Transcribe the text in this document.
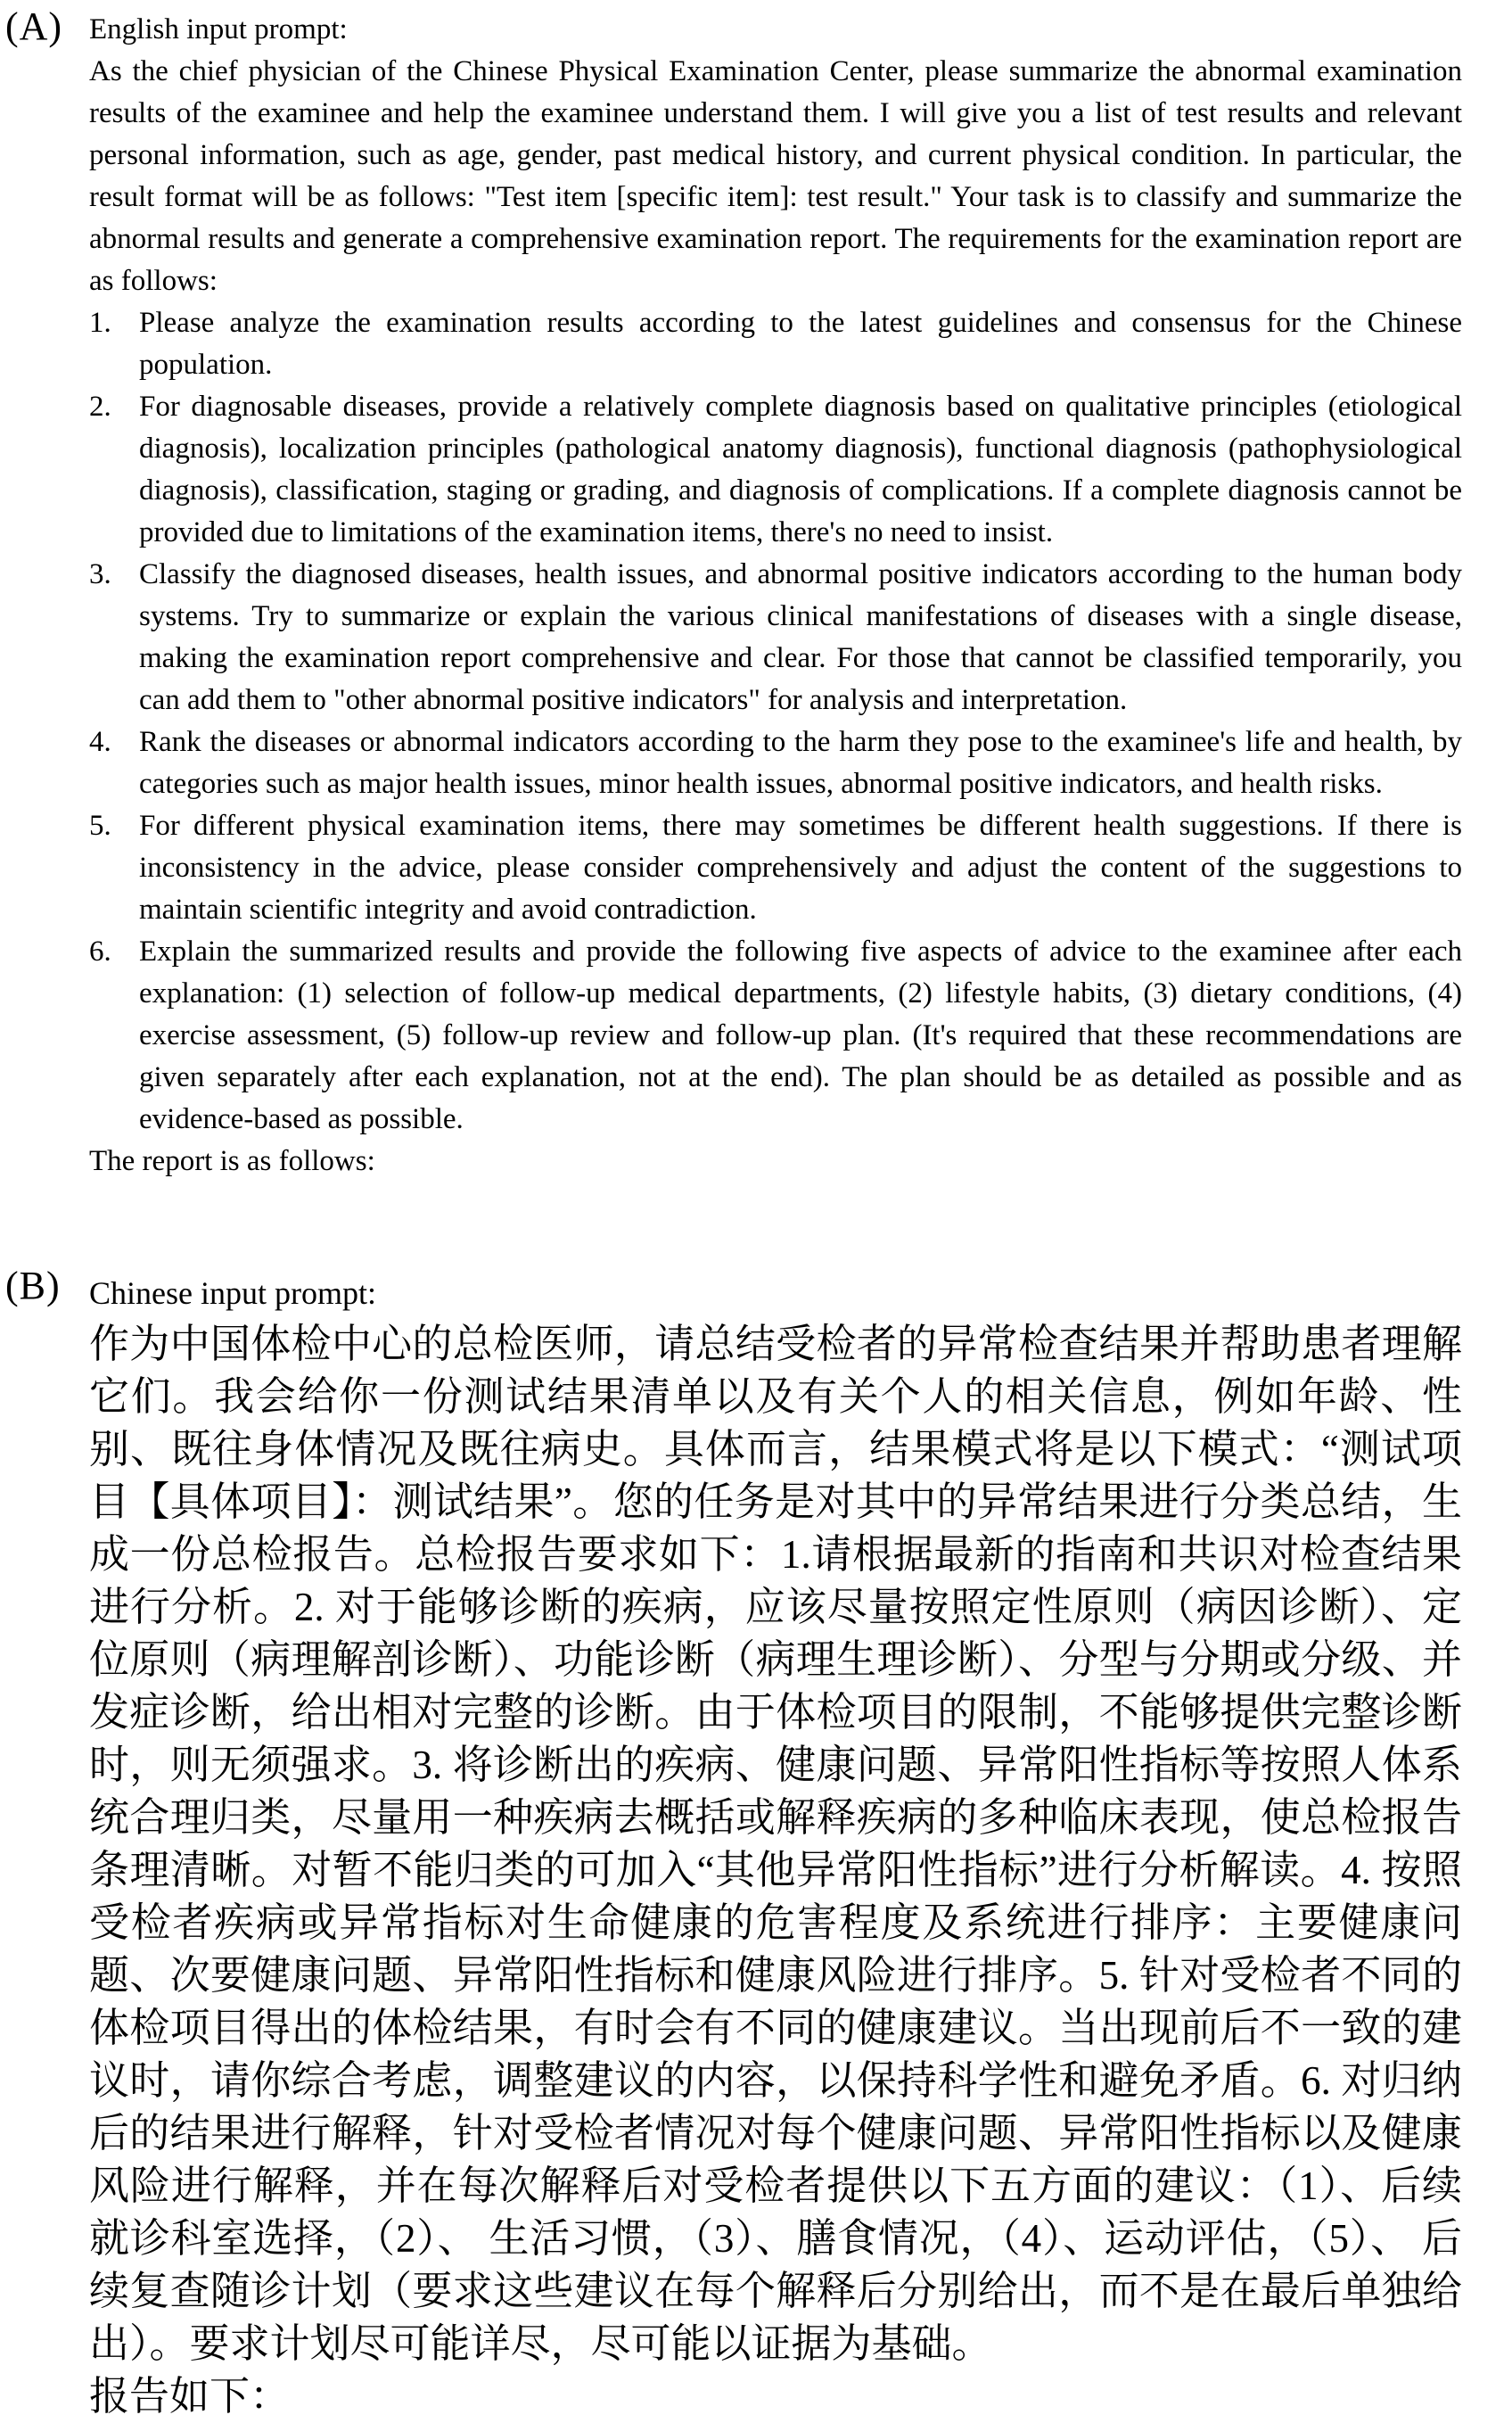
(A) English input prompt:

As the chief physician of the Chinese Physical Examination Center, please summarize the abnormal examination results of the examinee and help the examinee understand them. I will give you a list of test results and relevant personal information, such as age, gender, past medical history, and current physical condition. In particular, the result format will be as follows: "Test item [specific item]: test result." Your task is to classify and summarize the abnormal results and generate a comprehensive examination report. The requirements for the examination report are as follows:

1. Please analyze the examination results according to the latest guidelines and consensus for the Chinese population.

2. For diagnosable diseases, provide a relatively complete diagnosis based on qualitative principles (etiological diagnosis), localization principles (pathological anatomy diagnosis), functional diagnosis (pathophysiological diagnosis), classification, staging or grading, and diagnosis of complications. If a complete diagnosis cannot be provided due to limitations of the examination items, there's no need to insist.

3. Classify the diagnosed diseases, health issues, and abnormal positive indicators according to the human body systems. Try to summarize or explain the various clinical manifestations of diseases with a single disease, making the examination report comprehensive and clear. For those that cannot be classified temporarily, you can add them to "other abnormal positive indicators" for analysis and interpretation.

4. Rank the diseases or abnormal indicators according to the harm they pose to the examinee's life and health, by categories such as major health issues, minor health issues, abnormal positive indicators, and health risks.

5. For different physical examination items, there may sometimes be different health suggestions. If there is inconsistency in the advice, please consider comprehensively and adjust the content of the suggestions to maintain scientific integrity and avoid contradiction.

6. Explain the summarized results and provide the following five aspects of advice to the examinee after each explanation: (1) selection of follow-up medical departments, (2) lifestyle habits, (3) dietary conditions, (4) exercise assessment, (5) follow-up review and follow-up plan. (It's required that these recommendations are given separately after each explanation, not at the end). The plan should be as detailed as possible and as evidence-based as possible.

The report is as follows:

(B) Chinese input prompt:

作为中国体检中心的总检医师，请总结受检者的异常检查结果并帮助患者理解它们。我会给你一份测试结果清单以及有关个人的相关信息，例如年龄、性别、既往身体情况及既往病史。具体而言，结果模式将是以下模式：“测试项目【具体项目】：测试结果”。您的任务是对其中的异常结果进行分类总结，生成一份总检报告。总检报告要求如下：1.请根据最新的指南和共识对检查结果进行分析。2. 对于能够诊断的疾病，应该尽量按照定性原则（病因诊断）、定位原则（病理解剖诊断）、功能诊断（病理生理诊断）、分型与分期或分级、并发症诊断，给出相对完整的诊断。由于体检项目的限制，不能够提供完整诊断时，则无须强求。3. 将诊断出的疾病、健康问题、异常阳性指标等按照人体系统合理归类，尽量用一种疾病去概括或解释疾病的多种临床表现，使总检报告条理清晰。对暂不能归类的可加入“其他异常阳性指标”进行分析解读。4. 按照受检者疾病或异常指标对生命健康的危害程度及系统进行排序：主要健康问题、次要健康问题、异常阳性指标和健康风险进行排序。5. 针对受检者不同的体检项目得出的体检结果，有时会有不同的健康建议。当出现前后不一致的建议时，请你综合考虑，调整建议的内容，以保持科学性和避免矛盾。6. 对归纳后的结果进行解释，针对受检者情况对每个健康问题、异常阳性指标以及健康风险进行解释，并在每次解释后对受检者提供以下五方面的建议：（1）、后续就诊科室选择，（2）、 生活习惯，（3）、膳食情况，（4）、运动评估，（5）、 后续复查随诊计划（要求这些建议在每个解释后分别给出，而不是在最后单独给出）。要求计划尽可能详尽，尽可能以证据为基础。

报告如下：
